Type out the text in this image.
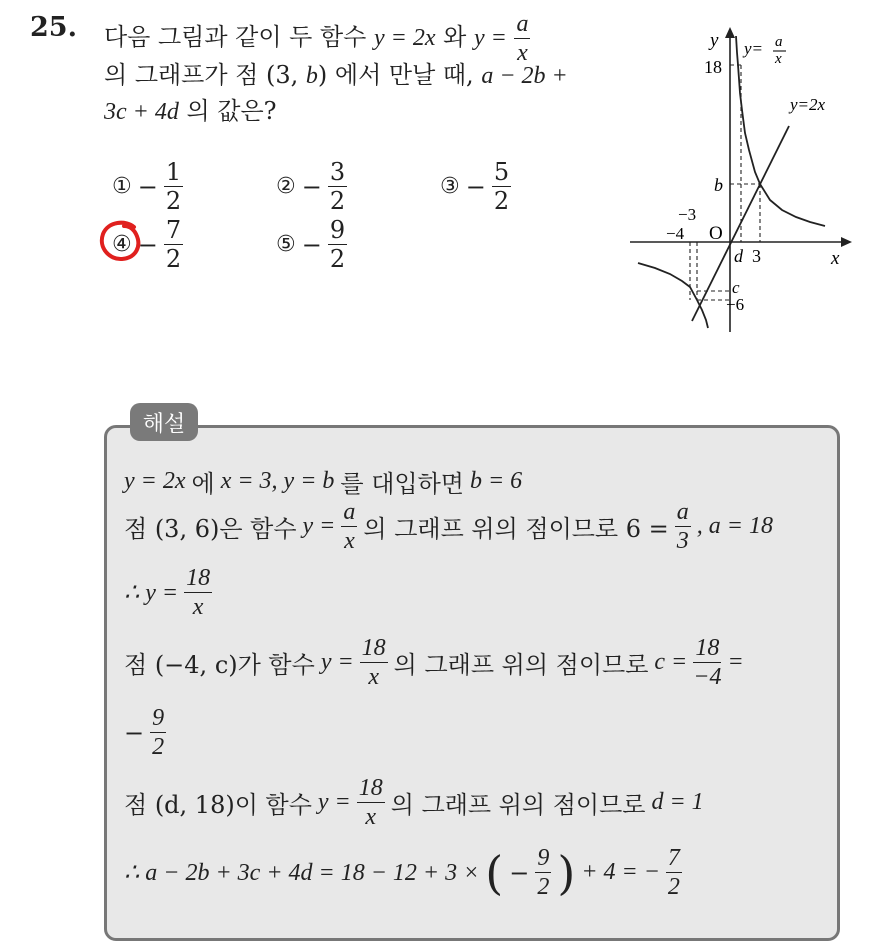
25. 다음 그림과 같이 두 함수 y = 2x 와 $y = \frac{a}{x}$
의 그래프가 점 (3, b) 에서 만날 때, a − 2b +
3c + 4d 의 값은?
① − $\frac{1}{2}$	② − $\frac{3}{2}$	③ − $\frac{5}{2}$
④ − $\frac{7}{2}$	⑤ − $\frac{9}{2}$
y
x
y= a
x
y=2x
18
b
−3
−4 O
d 3
c
−6
해설
y = 2x 에 x = 3, y = b 를 대입하면 b = 6
점 (3, 6)은 함수 $y = \frac{a}{x}$ 의 그래프 위의 점이므로 $6 = \frac{a}{3}$ , a = 18
∴ $y = \frac{18}{x}$
점 (−4, c)가 함수 $y = \frac{18}{x}$ 의 그래프 위의 점이므로 $c = \frac{18}{-4}$ =
− $\frac{9}{2}$
점 (d, 18)이 함수 $y = \frac{18}{x}$ 의 그래프 위의 점이므로 d = 1
∴ a − 2b + 3c + 4d = 18 − 12 + 3 × ( − $\frac{9}{2}$ ) + 4 = − $\frac{7}{2}$
